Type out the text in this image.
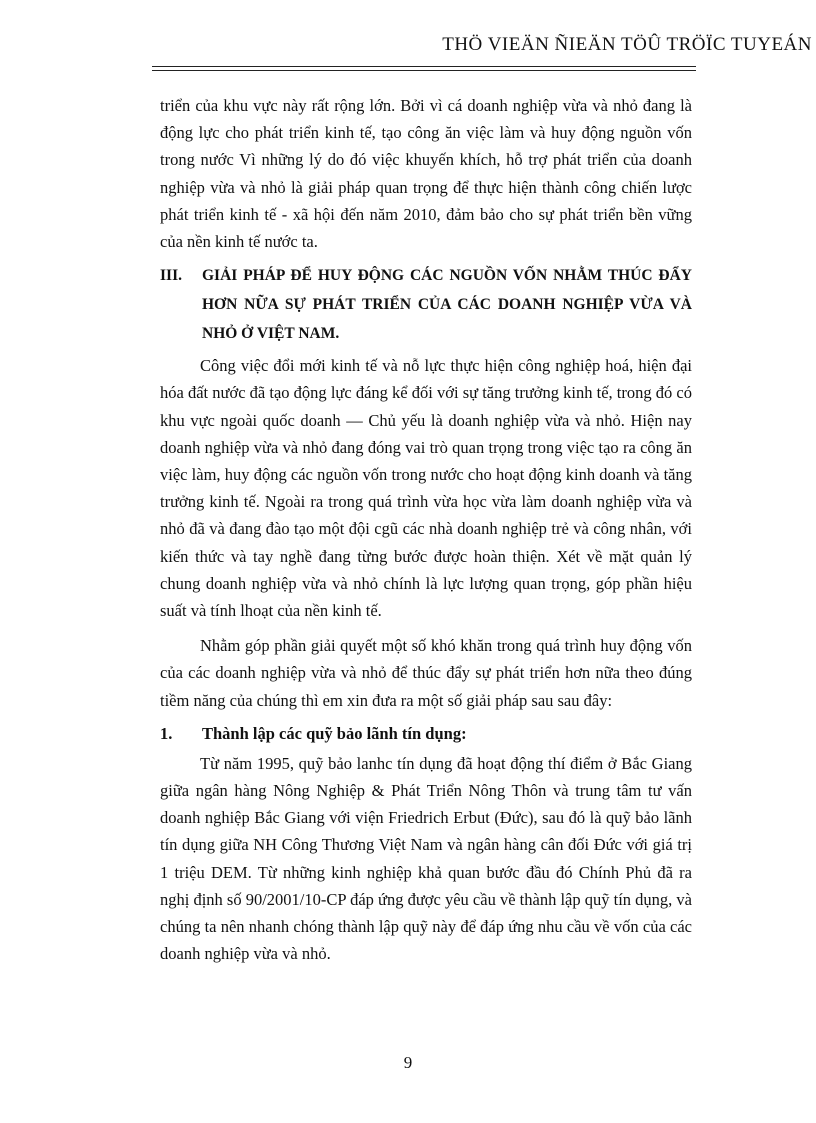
THÖ VIEÄN ÑIEÄN TÖÛ TRÖÏC TUYEÁN

triển của khu vực này rất rộng lớn. Bởi vì cá doanh nghiệp vừa và nhỏ đang là động lực cho phát triển kinh tế, tạo công ăn việc làm và huy động nguồn vốn trong nước Vì những lý do đó việc khuyến khích, hỗ trợ phát triển của doanh nghiệp vừa và nhỏ là giải pháp quan trọng để thực hiện thành công chiến lược phát triển kinh tế - xã hội đến năm 2010, đảm bảo cho sự phát triển bền vững của nền kinh tế nước ta.

III.	GIẢI PHÁP ĐỂ HUY ĐỘNG CÁC NGUỒN VỐN NHẰM THÚC ĐẨY HƠN NỮA SỰ PHÁT TRIỂN CỦA CÁC DOANH NGHIỆP VỪA VÀ NHỎ Ở VIỆT NAM.

Công việc đổi mới kinh tế và nỗ lực thực hiện công nghiệp hoá, hiện đại hóa đất nước đã tạo động lực đáng kể đối với sự tăng trưởng kinh tế, trong đó có khu vực ngoài quốc doanh — Chủ yếu là doanh nghiệp vừa và nhỏ. Hiện nay doanh nghiệp vừa và nhỏ đang đóng vai trò quan trọng trong việc tạo ra công ăn việc làm, huy động các nguồn vốn trong nước cho hoạt động kinh doanh và tăng trưởng kinh tế. Ngoài ra trong quá trình vừa học vừa làm doanh nghiệp vừa và nhỏ đã và đang đào tạo một đội cgũ các nhà doanh nghiệp trẻ và công nhân, với kiến thức và tay nghề đang từng bước được hoàn thiện. Xét về mặt quản lý chung doanh nghiệp vừa và nhỏ chính là lực lượng quan trọng, góp phần hiệu suất và tính lhoạt của nền kinh tế.

Nhằm góp phần giải quyết một số khó khăn trong quá trình huy động vốn của các doanh nghiệp vừa và nhỏ để thúc đẩy sự phát triển hơn nữa theo đúng tiềm năng của chúng thì em xin đưa ra một số giải pháp sau sau đây:

1.	Thành lập các quỹ bảo lãnh tín dụng:

Từ năm 1995, quỹ bảo lanhc tín dụng đã hoạt động thí điểm ở Bắc Giang giữa ngân hàng Nông Nghiệp & Phát Triển Nông Thôn và trung tâm tư vấn doanh nghiệp Bắc Giang với viện Friedrich Erbut (Đức), sau đó là quỹ bảo lãnh tín dụng giữa NH Công Thương Việt Nam và ngân hàng cân đối Đức với giá trị 1 triệu DEM. Từ những kinh nghiệp khả quan bước đầu đó Chính Phủ đã ra nghị định số 90/2001/10-CP đáp ứng được yêu cầu về thành lập quỹ tín dụng, và chúng ta nên nhanh chóng thành lập quỹ này để đáp ứng nhu cầu về vốn của các doanh nghiệp vừa và nhỏ.

9
